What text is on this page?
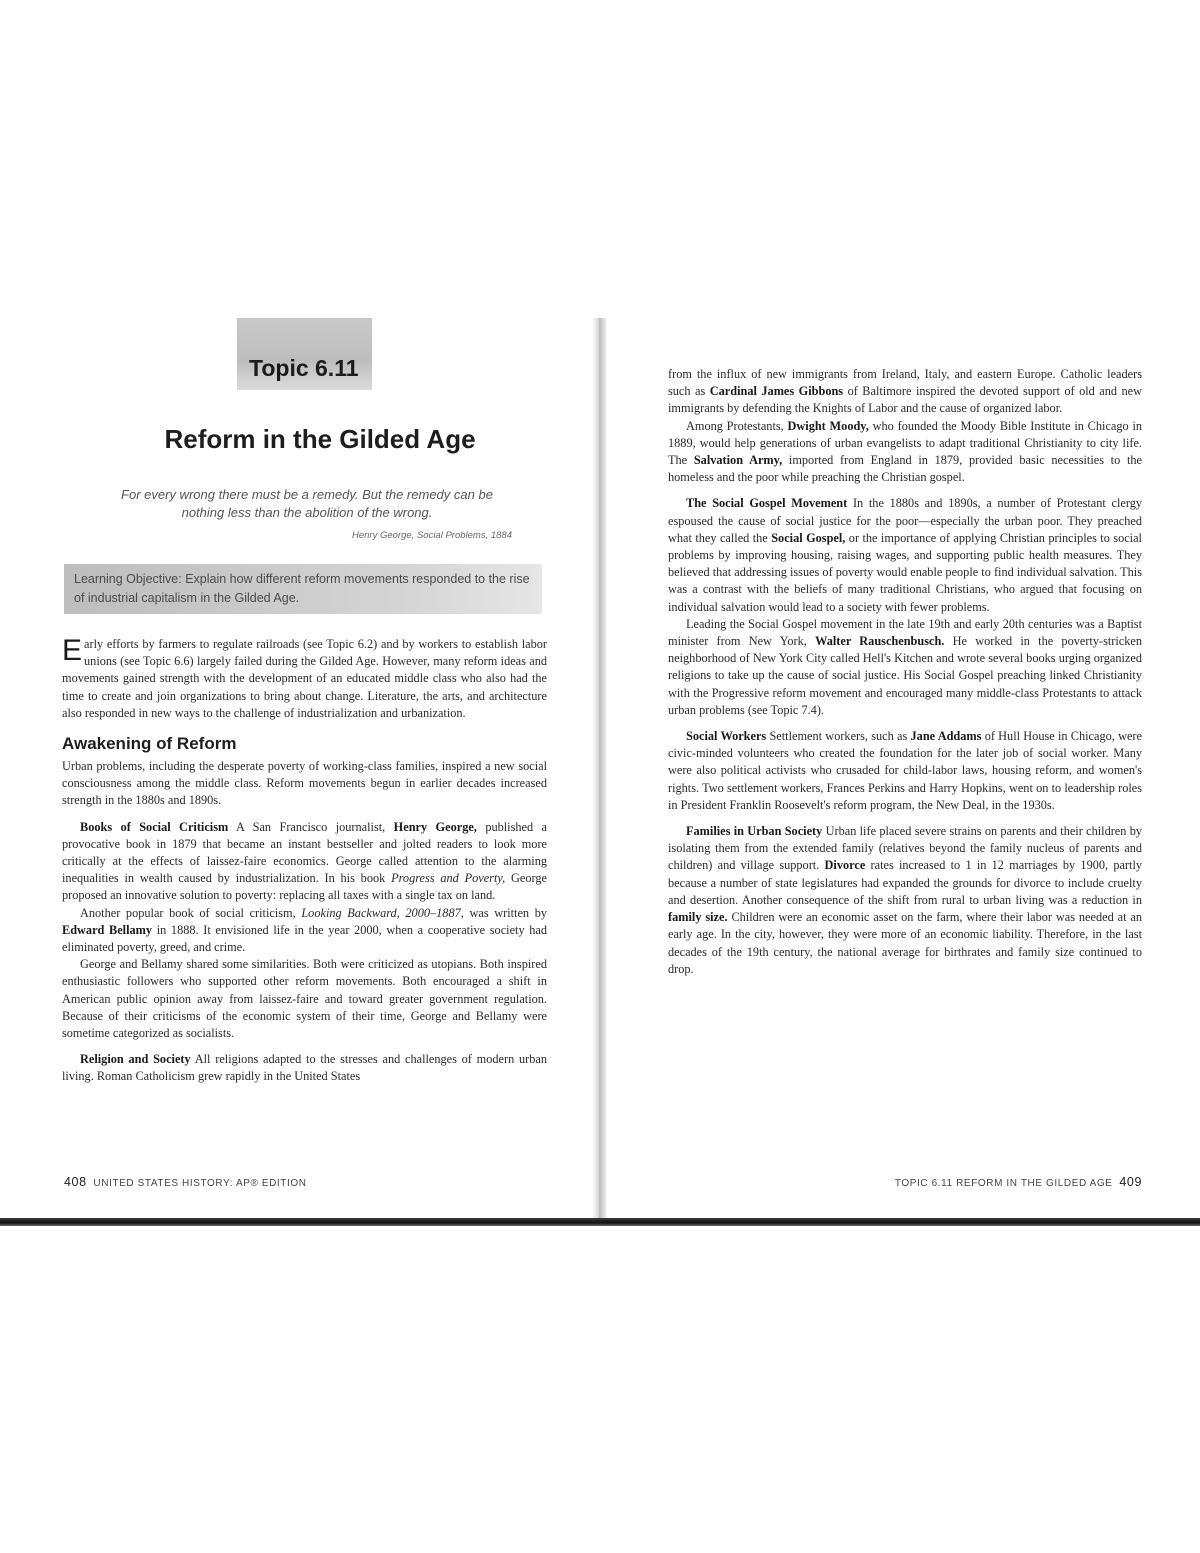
Topic 6.11
Reform in the Gilded Age
For every wrong there must be a remedy. But the remedy can be nothing less than the abolition of the wrong.
Henry George, Social Problems, 1884
Learning Objective: Explain how different reform movements responded to the rise of industrial capitalism in the Gilded Age.

Early efforts by farmers to regulate railroads (see Topic 6.2) and by workers to establish labor unions (see Topic 6.6) largely failed during the Gilded Age. However, many reform ideas and movements gained strength with the development of an educated middle class who also had the time to create and join organizations to bring about change. Literature, the arts, and architecture also responded in new ways to the challenge of industrialization and urbanization.

Awakening of Reform

Urban problems, including the desperate poverty of working-class families, inspired a new social consciousness among the middle class. Reform movements begun in earlier decades increased strength in the 1880s and 1890s.

Books of Social Criticism A San Francisco journalist, Henry George, published a provocative book in 1879 that became an instant bestseller and jolted readers to look more critically at the effects of laissez-faire economics. George called attention to the alarming inequalities in wealth caused by industrialization. In his book Progress and Poverty, George proposed an innovative solution to poverty: replacing all taxes with a single tax on land.

Another popular book of social criticism, Looking Backward, 2000–1887, was written by Edward Bellamy in 1888. It envisioned life in the year 2000, when a cooperative society had eliminated poverty, greed, and crime.

George and Bellamy shared some similarities. Both were criticized as utopians. Both inspired enthusiastic followers who supported other reform movements. Both encouraged a shift in American public opinion away from laissez-faire and toward greater government regulation. Because of their criticisms of the economic system of their time, George and Bellamy were sometime categorized as socialists.

Religion and Society All religions adapted to the stresses and challenges of modern urban living. Roman Catholicism grew rapidly in the United States

from the influx of new immigrants from Ireland, Italy, and eastern Europe. Catholic leaders such as Cardinal James Gibbons of Baltimore inspired the devoted support of old and new immigrants by defending the Knights of Labor and the cause of organized labor.

Among Protestants, Dwight Moody, who founded the Moody Bible Institute in Chicago in 1889, would help generations of urban evangelists to adapt traditional Christianity to city life. The Salvation Army, imported from England in 1879, provided basic necessities to the homeless and the poor while preaching the Christian gospel.

The Social Gospel Movement In the 1880s and 1890s, a number of Protestant clergy espoused the cause of social justice for the poor—especially the urban poor. They preached what they called the Social Gospel, or the importance of applying Christian principles to social problems by improving housing, raising wages, and supporting public health measures. They believed that addressing issues of poverty would enable people to find individual salvation. This was a contrast with the beliefs of many traditional Christians, who argued that focusing on individual salvation would lead to a society with fewer problems.

Leading the Social Gospel movement in the late 19th and early 20th centuries was a Baptist minister from New York, Walter Rauschenbusch. He worked in the poverty-stricken neighborhood of New York City called Hell's Kitchen and wrote several books urging organized religions to take up the cause of social justice. His Social Gospel preaching linked Christianity with the Progressive reform movement and encouraged many middle-class Protestants to attack urban problems (see Topic 7.4).

Social Workers Settlement workers, such as Jane Addams of Hull House in Chicago, were civic-minded volunteers who created the foundation for the later job of social worker. Many were also political activists who crusaded for child-labor laws, housing reform, and women's rights. Two settlement workers, Frances Perkins and Harry Hopkins, went on to leadership roles in President Franklin Roosevelt's reform program, the New Deal, in the 1930s.

Families in Urban Society Urban life placed severe strains on parents and their children by isolating them from the extended family (relatives beyond the family nucleus of parents and children) and village support. Divorce rates increased to 1 in 12 marriages by 1900, partly because a number of state legislatures had expanded the grounds for divorce to include cruelty and desertion. Another consequence of the shift from rural to urban living was a reduction in family size. Children were an economic asset on the farm, where their labor was needed at an early age. In the city, however, they were more of an economic liability. Therefore, in the last decades of the 19th century, the national average for birthrates and family size continued to drop.

408 UNITED STATES HISTORY: AP® EDITION	TOPIC 6.11 REFORM IN THE GILDED AGE 409
